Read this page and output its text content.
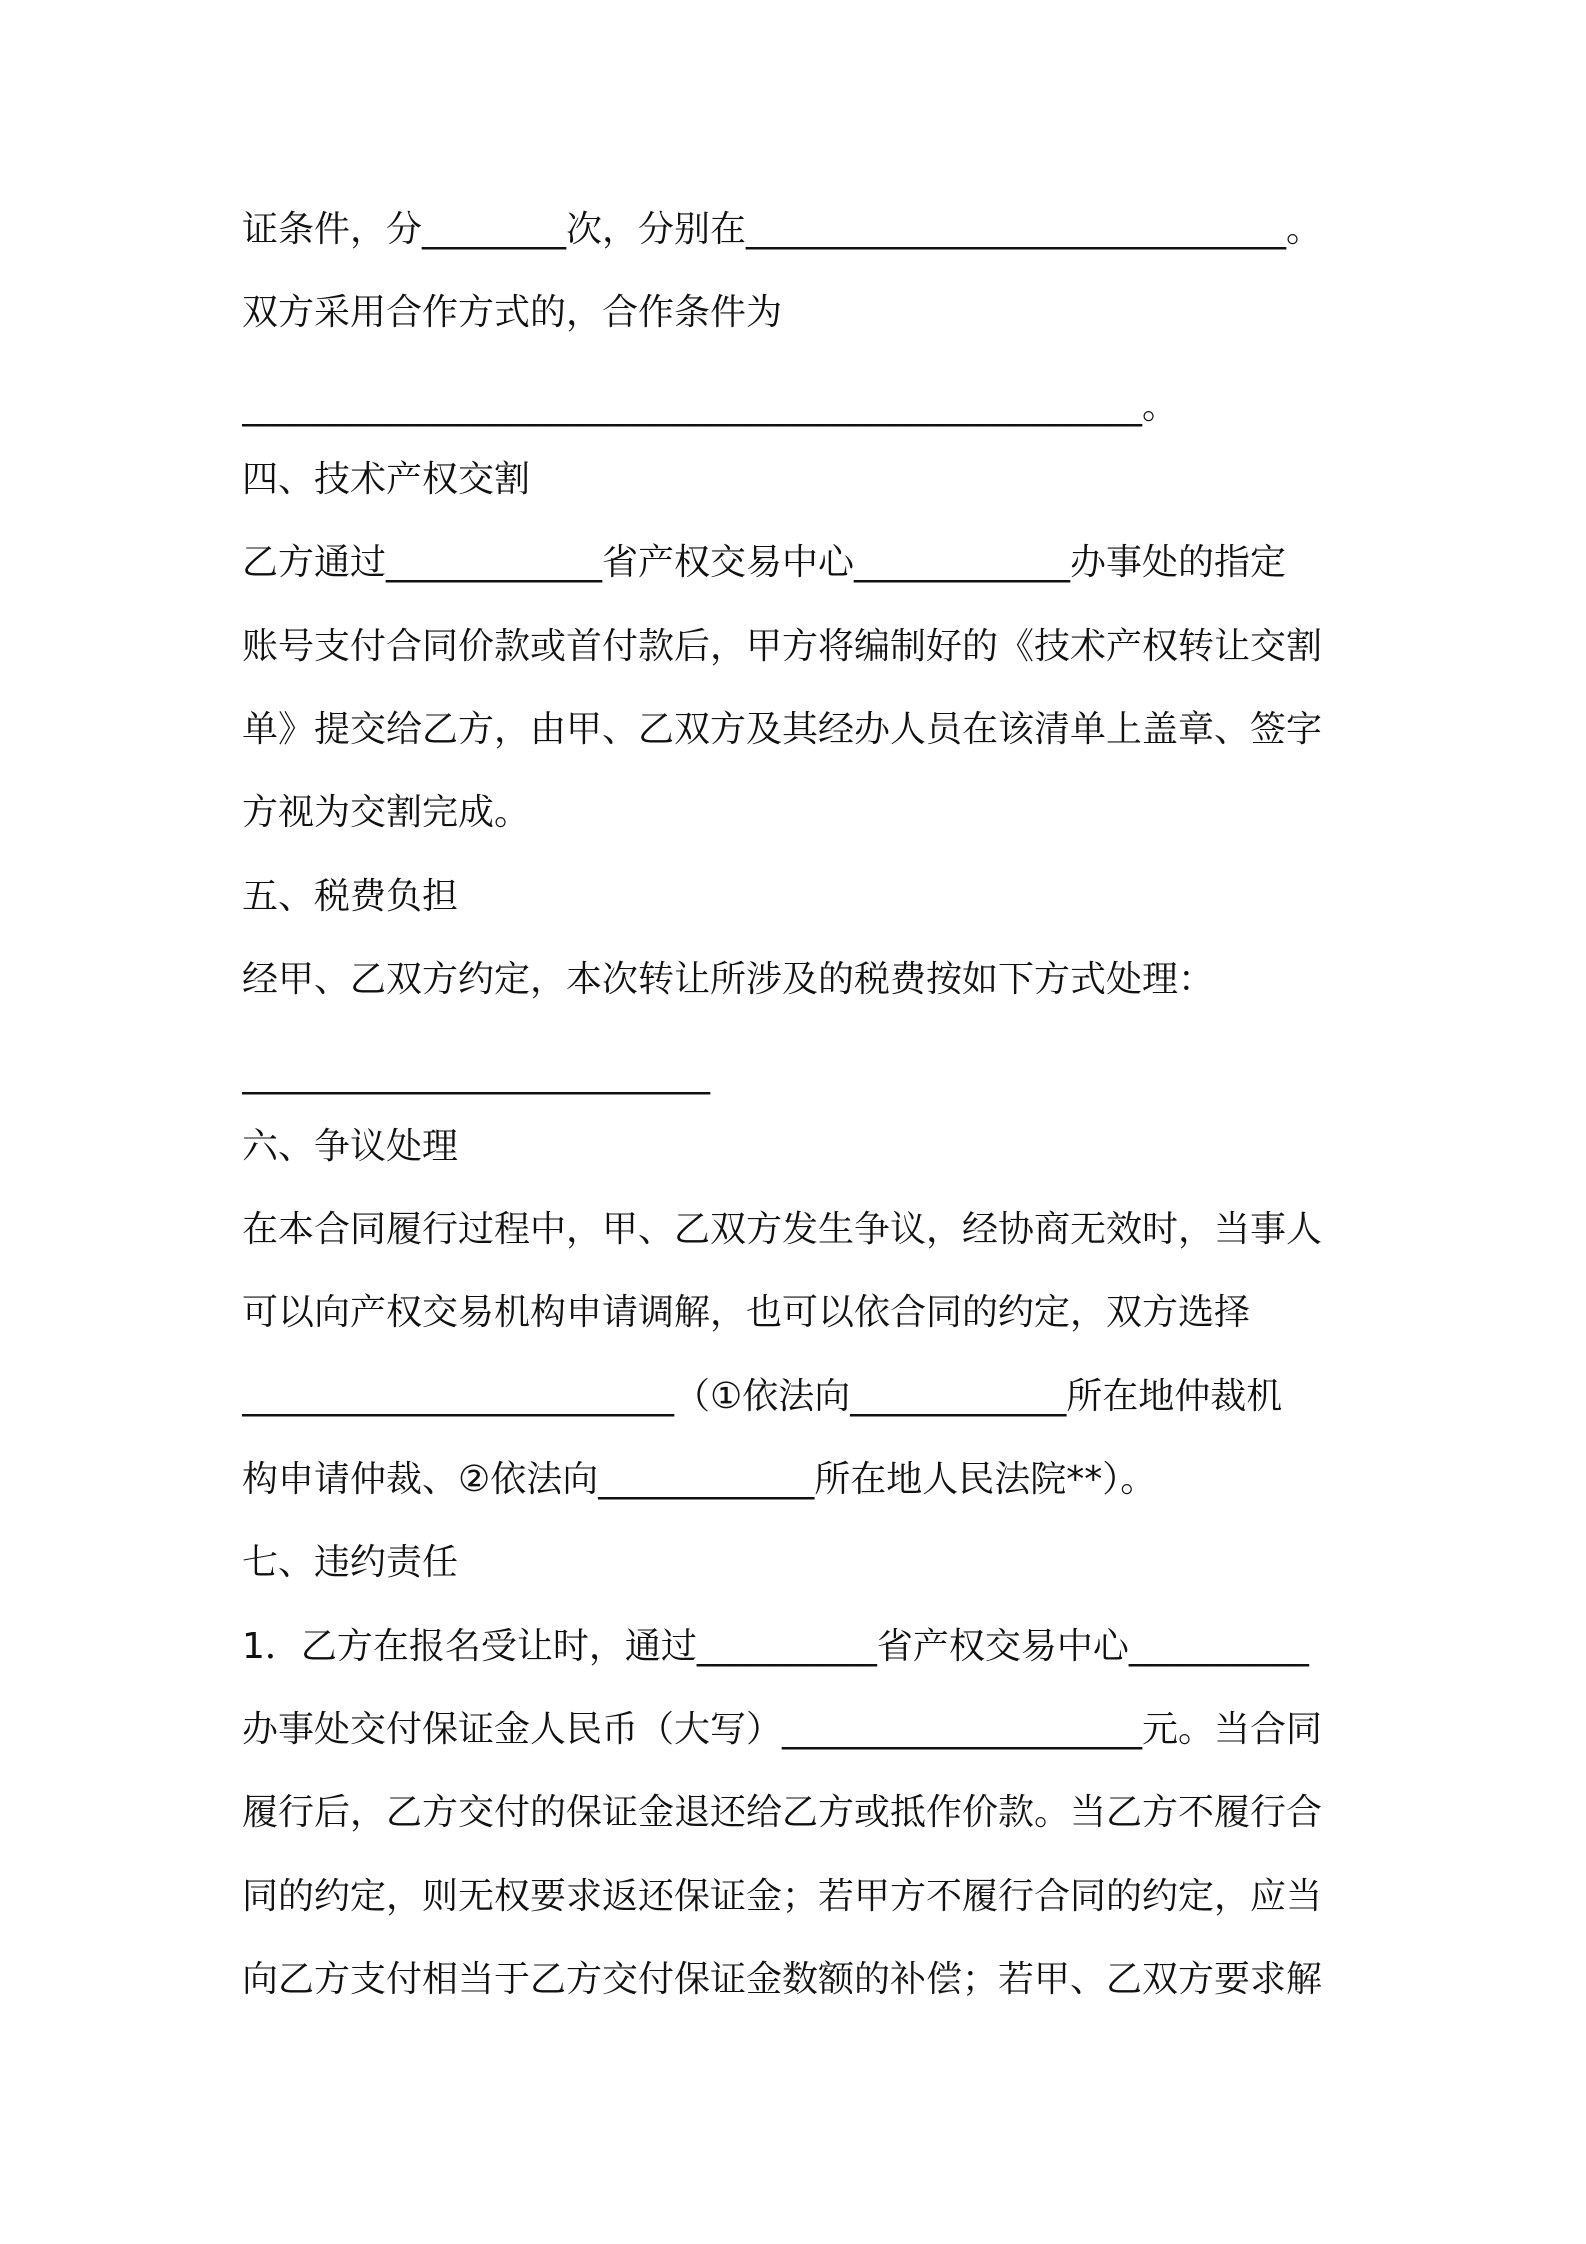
证条件，分________次，分别在______________________________。
双方采用合作方式的，合作条件为
__________________________________________________。
四、技术产权交割
乙方通过____________省产权交易中心____________办事处的指定
账号支付合同价款或首付款后，甲方将编制好的《技术产权转让交割
单》提交给乙方，由甲、乙双方及其经办人员在该清单上盖章、签字
方视为交割完成。
五、税费负担
经甲、乙双方约定，本次转让所涉及的税费按如下方式处理：
__________________________
六、争议处理
在本合同履行过程中，甲、乙双方发生争议，经协商无效时，当事人
可以向产权交易机构申请调解，也可以依合同的约定，双方选择
________________________（①依法向____________所在地仲裁机
构申请仲裁、②依法向____________所在地人民法院**）。
七、违约责任
1．乙方在报名受让时，通过__________省产权交易中心__________
办事处交付保证金人民币（大写）____________________元。当合同
履行后，乙方交付的保证金退还给乙方或抵作价款。当乙方不履行合
同的约定，则无权要求返还保证金；若甲方不履行合同的约定，应当
向乙方支付相当于乙方交付保证金数额的补偿；若甲、乙双方要求解
